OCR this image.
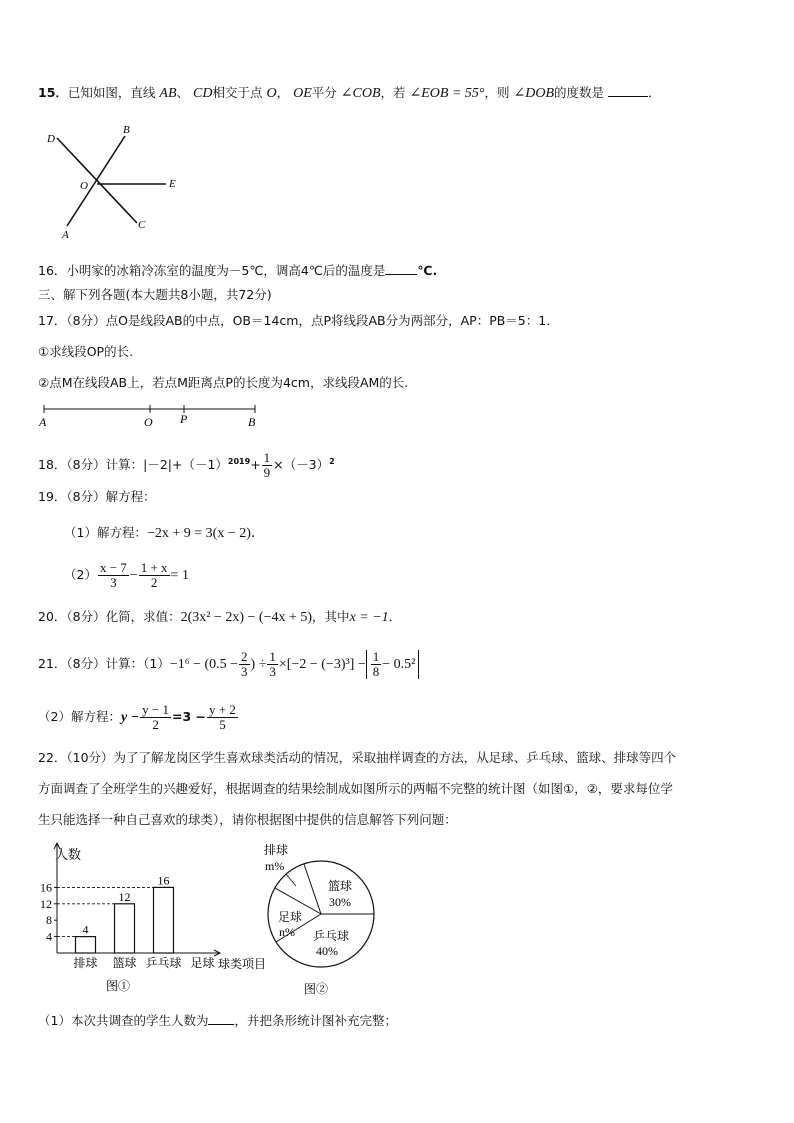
15．已知如图，直线 AB、 CD相交于点 O， OE平分 ∠COB，若 ∠EOB = 55°，则 ∠DOB的度数是	．
D
B
O	E
A
C
16．小明家的冰箱冷冻室的温度为－5℃，调高4℃后的温度是	℃.
三、解下列各题(本大题共8小题，共72分)
17．（8分）点O是线段AB的中点，OB＝14cm，点P将线段AB分为两部分，AP：PB＝5：1．
①求线段OP的长.
②点M在线段AB上，若点M距离点P的长度为4cm，求线段AM的长.
A	O P	B
18．（8分）计算：$|-2|+(-1)^{2019}+ \frac{1}{9} \times(-3)^2$
19．（8分）解方程：
（1）解方程：−2x + 9 = 3(x − 2)．
$(2) \frac{x - 7}{3} - \frac{1 + x}{2} = 1$
20．（8分）化简，求值：2(3x² − 2x) − (−4x + 5)，其中x = −1．
21．（8分）计算：$(1)-1^6 - (0.5 - \frac{2}{3}$ ) ÷ $\frac{1}{3} \times[-2 - (-3)^3] - \frac{1}{8} - 0.5^2$
（2）解方程：$y - \frac{y - 1}{2} =3 - \frac{y + 2}{5}$
22．（10分）为了了解龙岗区学生喜欢球类活动的情况，采取抽样调查的方法，从足球、乒乓球、篮球、排球等四个
方面调查了全班学生的兴趣爱好，根据调查的结果绘制成如图所示的两幅不完整的统计图（如图①，②，要求每位学
生只能选择一种自己喜欢的球类），请你根据图中提供的信息解答下列问题：
人数
4
8
12
16
4
排球
12
篮球
16
乒乓球 足球 球类项目
图①
排球
m%
篮球
30%
足球
n% 乒乓球
40%
图②
（1）本次共调查的学生人数为 ，并把条形统计图补充完整；
